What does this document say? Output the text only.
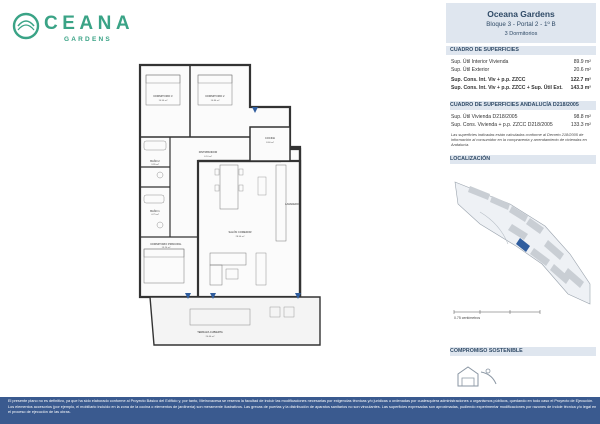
CEANA
GARDENS
Oceana Gardens
Bloque 3 - Portal 2 - 1º B
3 Dormitorios
CUADRO DE SUPERFICIES
Sup. Útil Interior Vivienda	89.9 m²
Sup. Útil Exterior	20.6 m²
Sup. Cons. Int. Viv + p.p. ZZCC	122.7 m²
Sup. Cons. Int. Viv + p.p. ZZCC + Sup. Útil Ext. 143.3 m²
CUADRO DE SUPERFICIES ANDALUCÍA D218/2005
Sup. Útil Vivienda D218/2005	98.8 m²
Sup. Cons. Vivienda + p.p. ZZCC D218/2005	133.3 m²
Las superficies indicadas están calculadas conforme al Decreto 218/2005 de información al consumidor en la compraventa y arrendamiento de viviendas en Andalucía.
LOCALIZACIÓN
0.75 centímetros
COMPROMISO SOSTENIBLE
DORMITORIO 3
10.50 m²
DORMITORIO 2
10.80 m²
DISTRIBUIDOR
6.10 m²
BAÑO 2
3.95 m²
BAÑO 1
4.75 m²
DORMITORIO PRINCIPAL
13.20 m²
COCINA
8.60 m²
SALÓN COMEDOR
28.50 m²
LAVADERO
TERRAZA CUBIERTA
20.60 m²
El presente plano no es definitivo, ya que ha sido elaborado conforme al Proyecto Básico del Edificio y, por tanto, Metrovacesa se reserva la facultad de incluir las modificaciones necesarias por exigencias técnicas y/o jurídicas u ordenadas por cualesquiera administraciones u organismos públicos, quedando en todo caso el Proyecto de Ejecución. Los elementos accesorios (por ejemplo, el mobiliario incluido en la zona de la cocina o elementos de jardinería) son meramente ilustrativos. Las grecas de puertas y la distribución de aparatos sanitarios no son vinculantes. Las superficies expresadas son aproximadas, pudiendo experimentar modificaciones por razones de índole técnica y/o legal en el proceso de ejecución de las obras.
